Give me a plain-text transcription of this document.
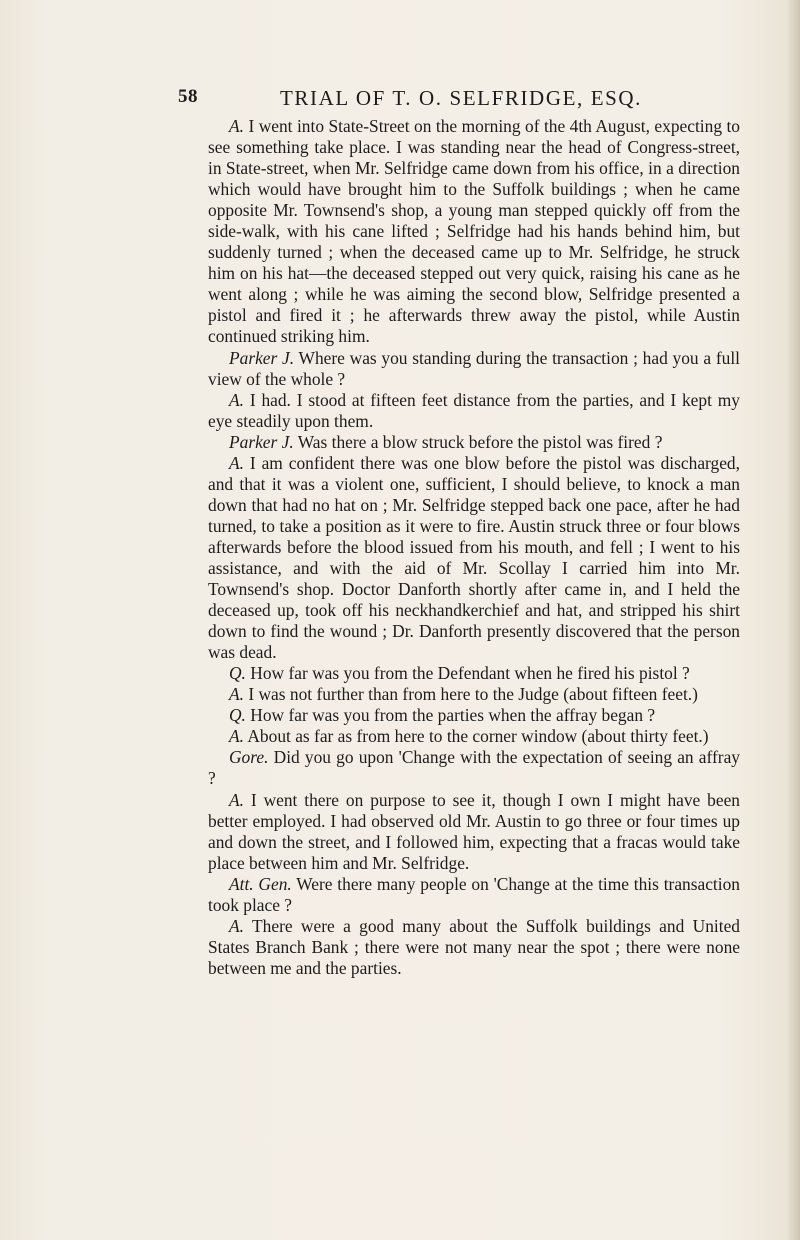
58	TRIAL OF T. O. SELFRIDGE, ESQ.

A. I went into State-Street on the morning of the 4th August, expecting to see something take place. I was standing near the head of Congress-street, in State-street, when Mr. Selfridge came down from his office, in a direction which would have brought him to the Suffolk buildings ; when he came opposite Mr. Townsend's shop, a young man stepped quickly off from the side-walk, with his cane lifted ; Selfridge had his hands behind him, but suddenly turned ; when the deceased came up to Mr. Selfridge, he struck him on his hat—the deceased stepped out very quick, raising his cane as he went along ; while he was aiming the second blow, Selfridge presented a pistol and fired it ; he afterwards threw away the pistol, while Austin continued striking him.

Parker J. Where was you standing during the transaction ; had you a full view of the whole ?

A. I had. I stood at fifteen feet distance from the parties, and I kept my eye steadily upon them.

Parker J. Was there a blow struck before the pistol was fired ?

A. I am confident there was one blow before the pistol was discharged, and that it was a violent one, sufficient, I should believe, to knock a man down that had no hat on ; Mr. Selfridge stepped back one pace, after he had turned, to take a position as it were to fire. Austin struck three or four blows afterwards before the blood issued from his mouth, and fell ; I went to his assistance, and with the aid of Mr. Scollay I carried him into Mr. Townsend's shop. Doctor Danforth shortly after came in, and I held the deceased up, took off his neckhandkerchief and hat, and stripped his shirt down to find the wound ; Dr. Danforth presently discovered that the person was dead.

Q. How far was you from the Defendant when he fired his pistol ?

A. I was not further than from here to the Judge (about fifteen feet.)

Q. How far was you from the parties when the affray began ?

A. About as far as from here to the corner window (about thirty feet.)

Gore. Did you go upon 'Change with the expectation of seeing an affray ?

A. I went there on purpose to see it, though I own I might have been better employed. I had observed old Mr. Austin to go three or four times up and down the street, and I followed him, expecting that a fracas would take place between him and Mr. Selfridge.

Att. Gen. Were there many people on 'Change at the time this transaction took place ?

A. There were a good many about the Suffolk buildings and United States Branch Bank ; there were not many near the spot ; there were none between me and the parties.
